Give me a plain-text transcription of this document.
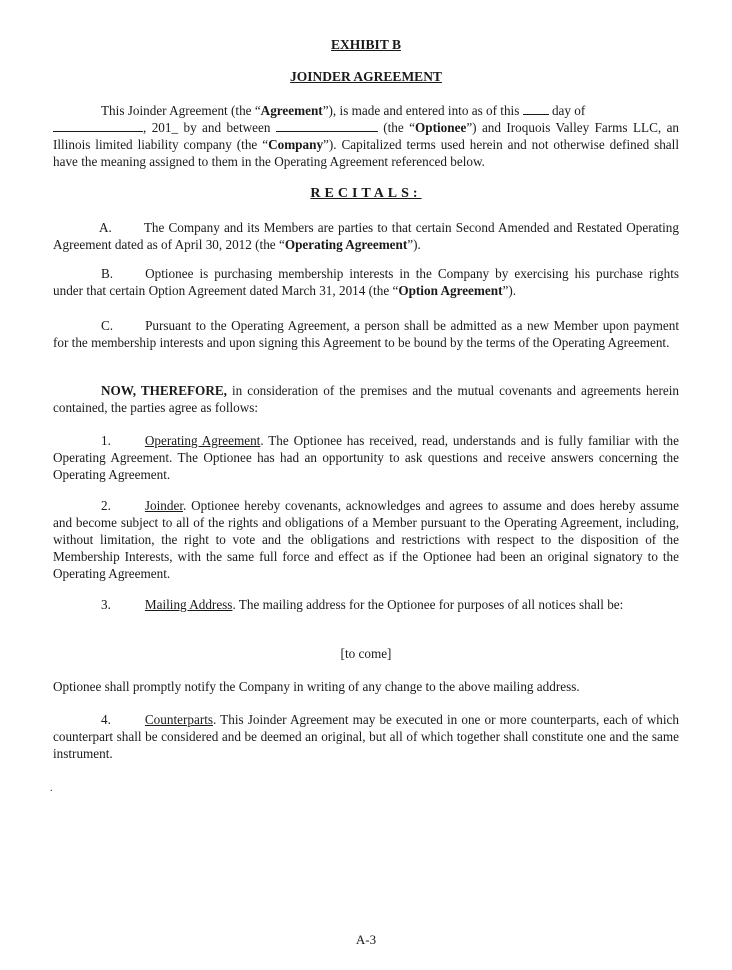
EXHIBIT B
JOINDER AGREEMENT
This Joinder Agreement (the “Agreement”), is made and entered into as of this day of
, 201_ by and between	(the “Optionee”) and Iroquois Valley Farms LLC, an Illinois limited liability company (the “Company”). Capitalized terms used herein and not otherwise defined shall have the meaning assigned to them in the Operating Agreement referenced below.
RECITALS:
A. The Company and its Members are parties to that certain Second Amended and Restated Operating Agreement dated as of April 30, 2012 (the “Operating Agreement”).
B. Optionee is purchasing membership interests in the Company by exercising his purchase rights under that certain Option Agreement dated March 31, 2014 (the “Option Agreement”).
C. Pursuant to the Operating Agreement, a person shall be admitted as a new Member upon payment for the membership interests and upon signing this Agreement to be bound by the terms of the Operating Agreement.
NOW, THEREFORE, in consideration of the premises and the mutual covenants and agreements herein contained, the parties agree as follows:
1.	Operating Agreement. The Optionee has received, read, understands and is fully familiar with the Operating Agreement. The Optionee has had an opportunity to ask questions and receive answers concerning the Operating Agreement.
2.	Joinder. Optionee hereby covenants, acknowledges and agrees to assume and does hereby assume and become subject to all of the rights and obligations of a Member pursuant to the Operating Agreement, including, without limitation, the right to vote and the obligations and restrictions with respect to the disposition of the Membership Interests, with the same full force and effect as if the Optionee had been an original signatory to the Operating Agreement.
3.	Mailing Address. The mailing address for the Optionee for purposes of all notices shall be:
[to come]
Optionee shall promptly notify the Company in writing of any change to the above mailing address.
4.	Counterparts. This Joinder Agreement may be executed in one or more counterparts, each of which counterpart shall be considered and be deemed an original, but all of which together shall constitute one and the same instrument.
.
A-3
